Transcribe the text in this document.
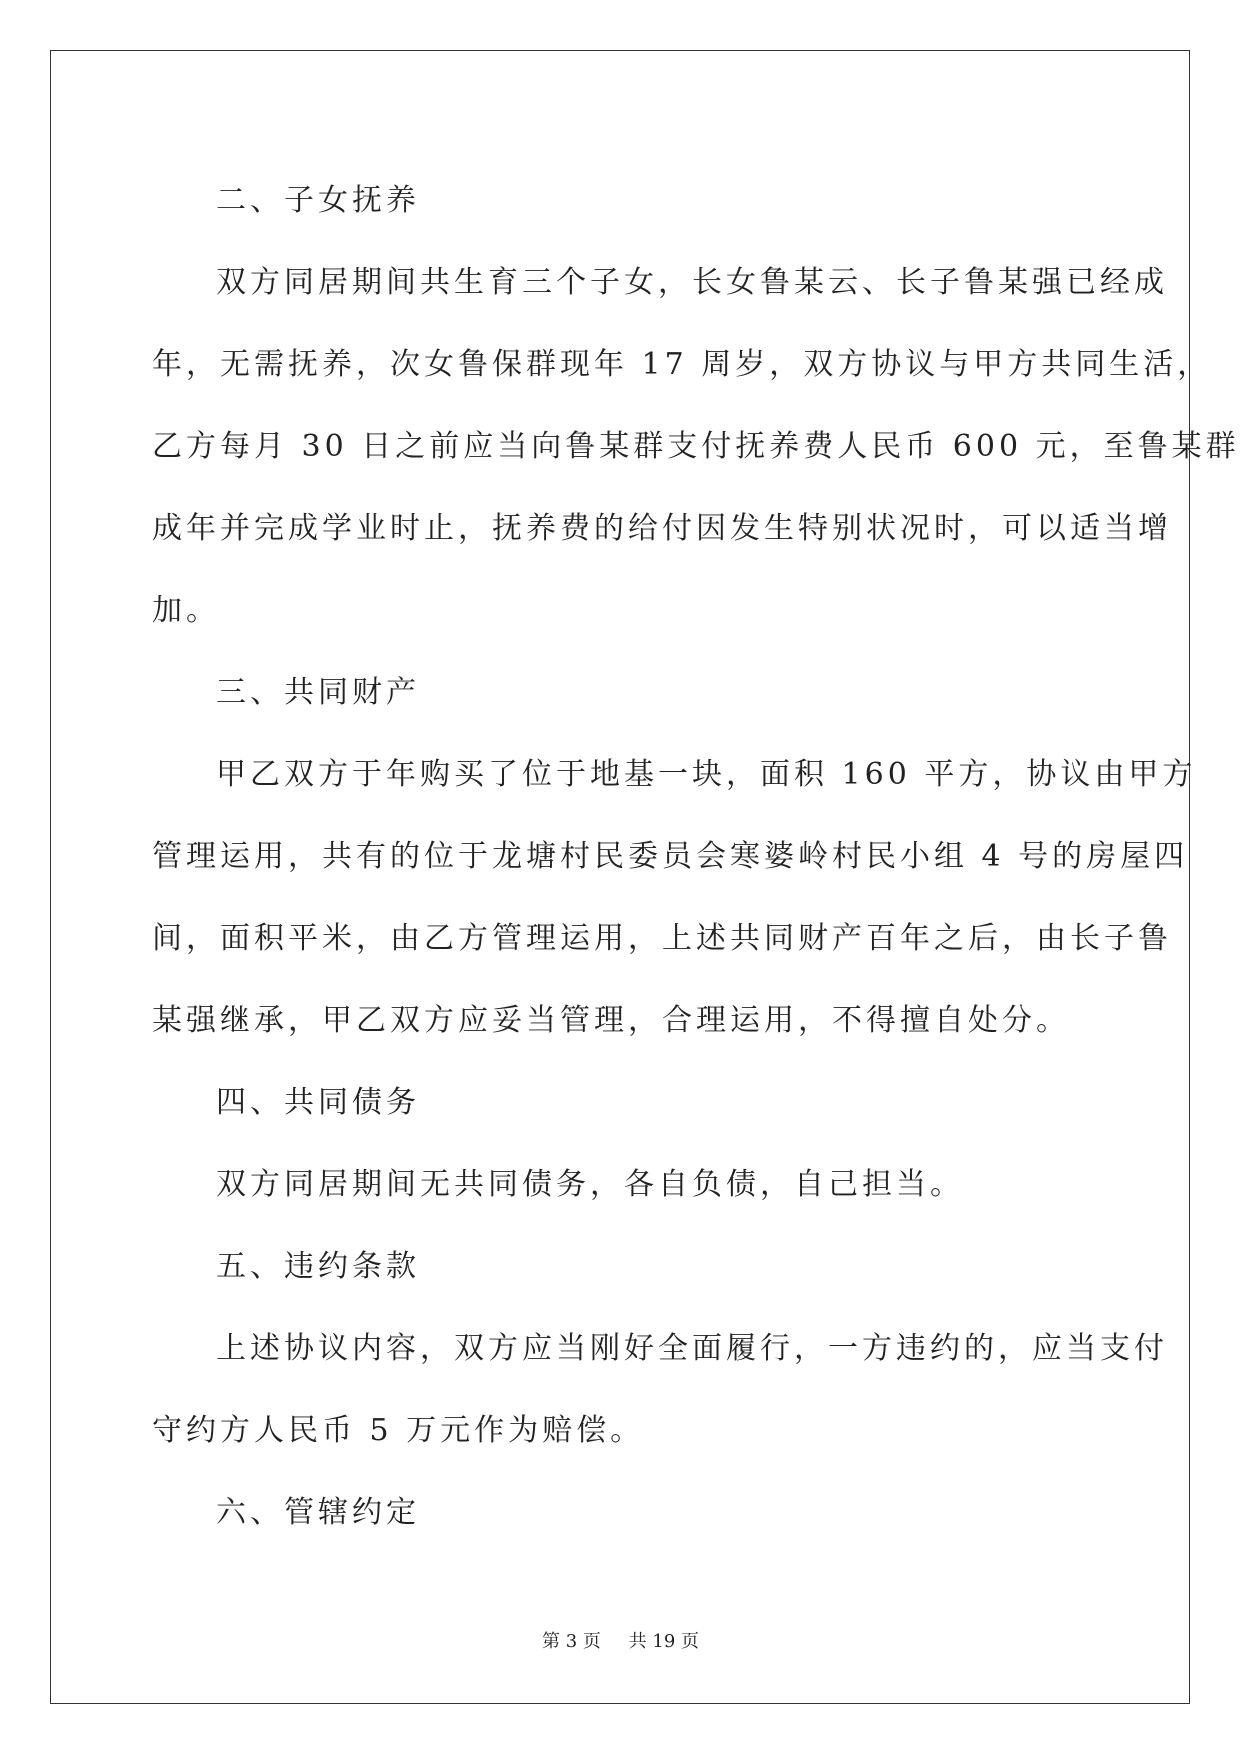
二、子女抚养
双方同居期间共生育三个子女，长女鲁某云、长子鲁某强已经成
年，无需抚养，次女鲁保群现年 17 周岁，双方协议与甲方共同生活，
乙方每月 30 日之前应当向鲁某群支付抚养费人民币 600 元，至鲁某群
成年并完成学业时止，抚养费的给付因发生特别状况时，可以适当增
加。
三、共同财产
甲乙双方于年购买了位于地基一块，面积 160 平方，协议由甲方
管理运用，共有的位于龙塘村民委员会寒婆岭村民小组 4 号的房屋四
间，面积平米，由乙方管理运用，上述共同财产百年之后，由长子鲁
某强继承，甲乙双方应妥当管理，合理运用，不得擅自处分。
四、共同债务
双方同居期间无共同债务，各自负债，自己担当。
五、违约条款
上述协议内容，双方应当刚好全面履行，一方违约的，应当支付
守约方人民币 5 万元作为赔偿。
六、管辖约定
第 3 页 共 19 页
